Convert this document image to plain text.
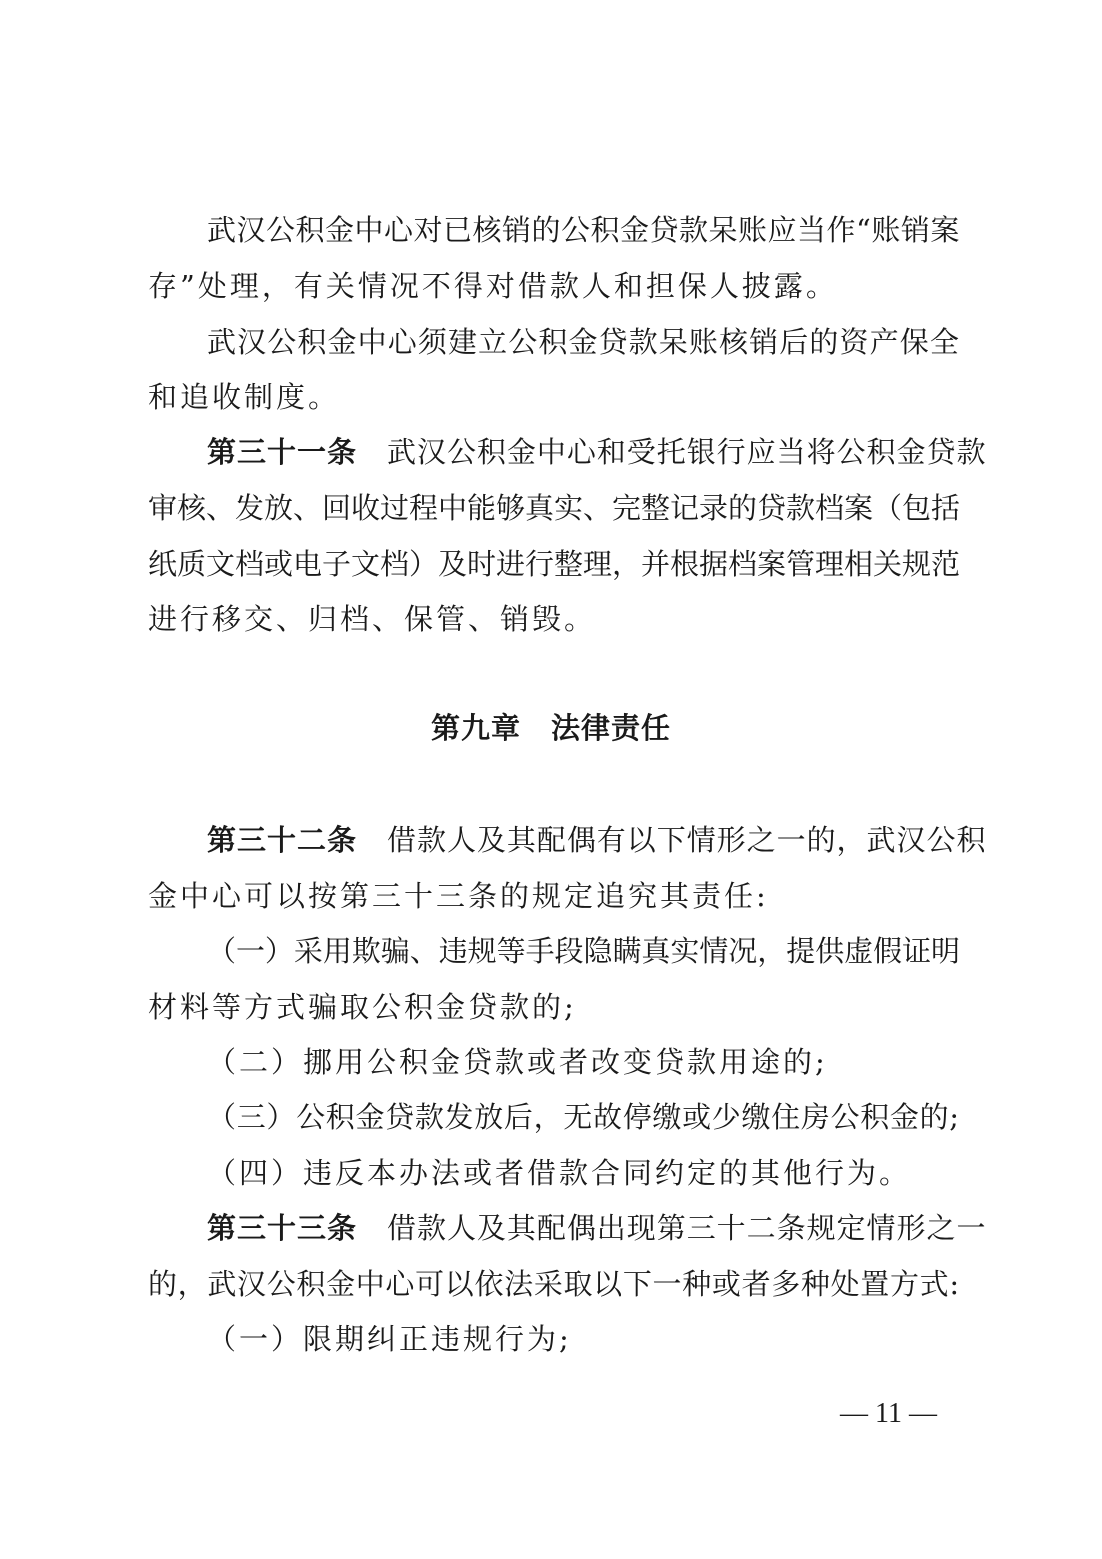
武汉公积金中心对已核销的公积金贷款呆账应当作“账销案
存”处理，有关情况不得对借款人和担保人披露。
武汉公积金中心须建立公积金贷款呆账核销后的资产保全
和追收制度。
第三十一条 武汉公积金中心和受托银行应当将公积金贷款
审核、发放、回收过程中能够真实、完整记录的贷款档案（包括
纸质文档或电子文档）及时进行整理，并根据档案管理相关规范
进行移交、归档、保管、销毁。
第九章　法律责任
第三十二条 借款人及其配偶有以下情形之一的，武汉公积
金中心可以按第三十三条的规定追究其责任:
（一）采用欺骗、违规等手段隐瞒真实情况，提供虚假证明
材料等方式骗取公积金贷款的;
（二）挪用公积金贷款或者改变贷款用途的;
（三）公积金贷款发放后，无故停缴或少缴住房公积金的;
（四）违反本办法或者借款合同约定的其他行为。
第三十三条 借款人及其配偶出现第三十二条规定情形之一
的，武汉公积金中心可以依法采取以下一种或者多种处置方式:
（一）限期纠正违规行为;
— 11 —
